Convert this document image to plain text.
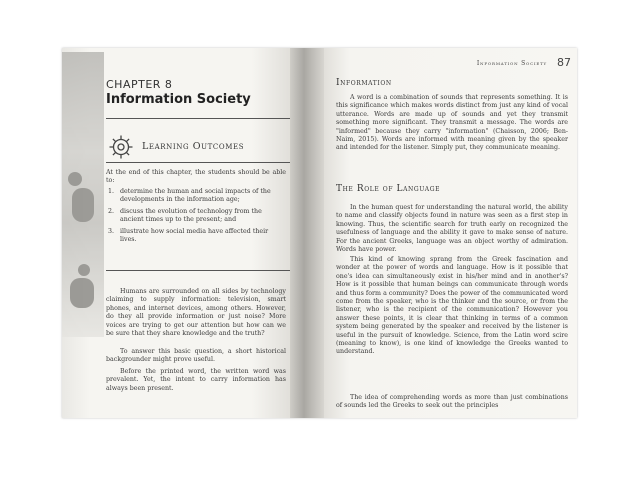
CHAPTER 8
Information Society
Learning Outcomes
At the end of this chapter, the students should be able to:
1. determine the human and social impacts of the developments in the information age;
2. discuss the evolution of technology from the ancient times up to the present; and
3. illustrate how social media have affected their lives.
Humans are surrounded on all sides by technology claiming to supply information: television, smart phones, and internet devices, among others. However, do they all provide information or just noise? More voices are trying to get our attention but how can we be sure that they share knowledge and the truth?
To answer this basic question, a short historical backgrounder might prove useful.
Before the printed word, the written word was prevalent. Yet, the intent to carry information has always been present.
Information Society 87
Information
A word is a combination of sounds that represents something. It is this significance which makes words distinct from just any kind of vocal utterance. Words are made up of sounds and yet they transmit something more significant. They transmit a message. The words are "informed" because they carry "information" (Chaisson, 2006; Ben-Naim, 2015). Words are informed with meaning given by the speaker and intended for the listener. Simply put, they communicate meaning.
The Role of Language
In the human quest for understanding the natural world, the ability to name and classify objects found in nature was seen as a first step in knowing. Thus, the scientific search for truth early on recognized the usefulness of language and the ability it gave to make sense of nature. For the ancient Greeks, language was an object worthy of admiration. Words have power.
This kind of knowing sprang from the Greek fascination and wonder at the power of words and language. How is it possible that one's idea can simultaneously exist in his/her mind and in another's? How is it possible that human beings can communicate through words and thus form a community? Does the power of the communicated word come from the speaker, who is the thinker and the source, or from the listener, who is the recipient of the communication? However you answer these points, it is clear that thinking in terms of a common system being generated by the speaker and received by the listener is useful in the pursuit of knowledge. Science, from the Latin word scire (meaning to know), is one kind of knowledge the Greeks wanted to understand.
The idea of comprehending words as more than just combinations of sounds led the Greeks to seek out the principles
